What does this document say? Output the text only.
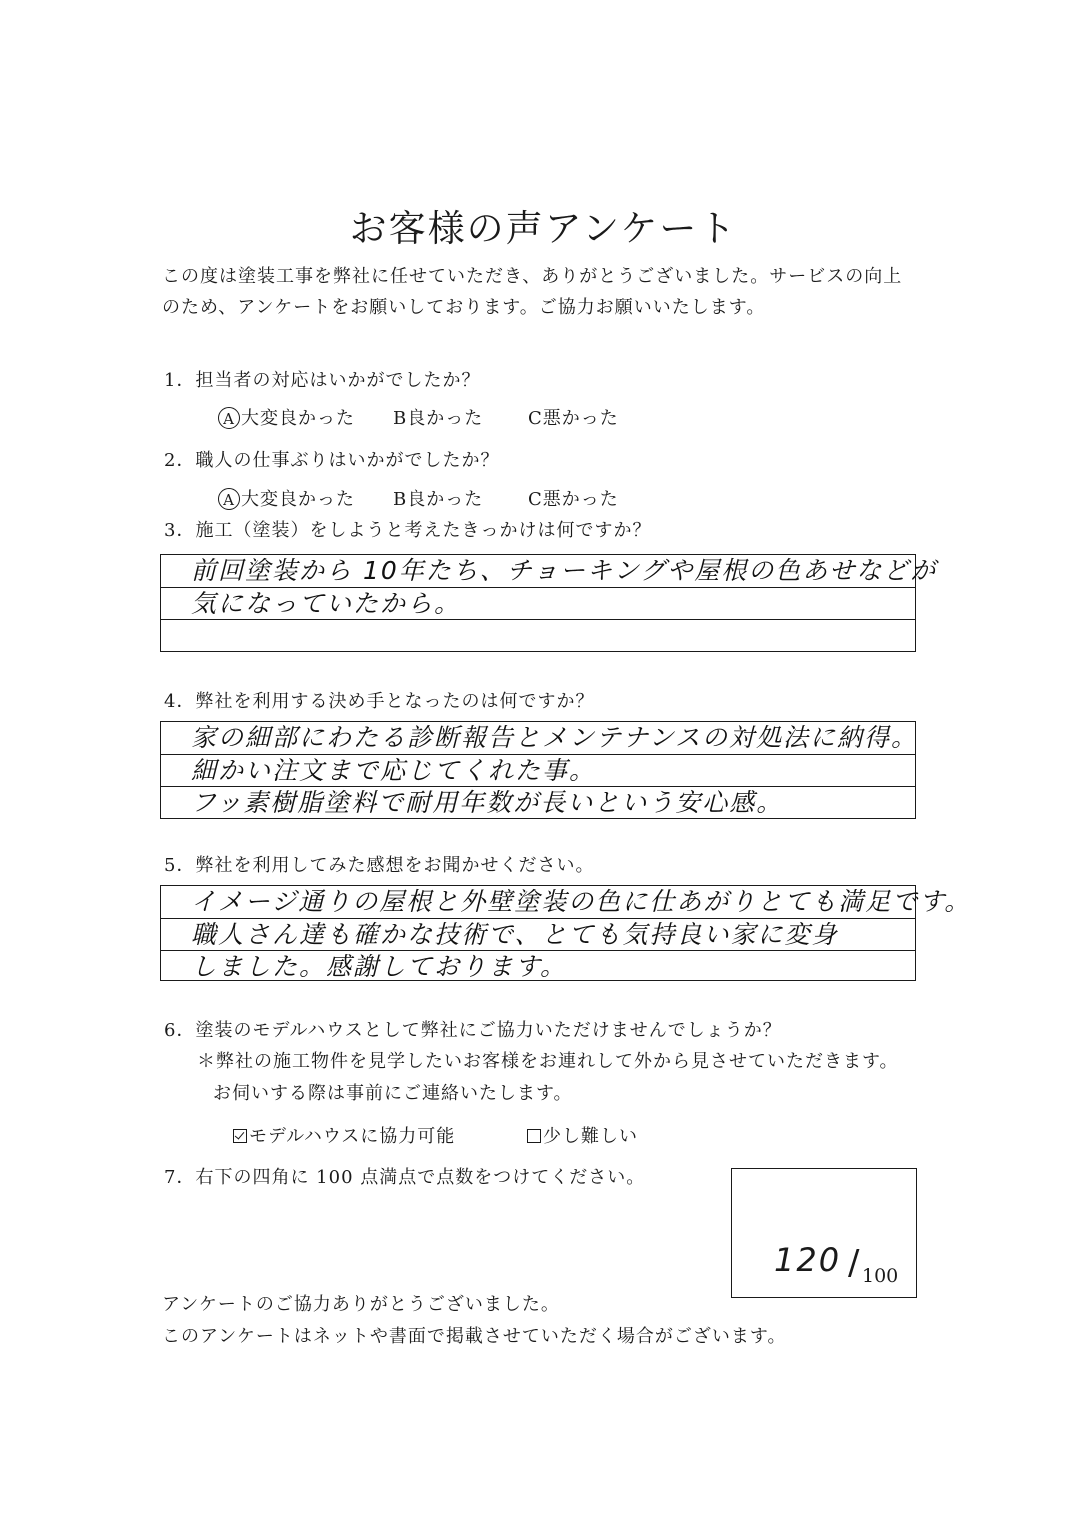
お客様の声アンケート
この度は塗装工事を弊社に任せていただき、ありがとうございました。サービスの向上
のため、アンケートをお願いしております。ご協力お願いいたします。
1．担当者の対応はいかがでしたか？
A 大変良かった B良かった C悪かった
2．職人の仕事ぶりはいかがでしたか？
A 大変良かった B良かった C悪かった
3．施工（塗装）をしようと考えたきっかけは何ですか？
前回塗装から 10年たち、チョーキングや屋根の色あせなどが
気になっていたから。
4．弊社を利用する決め手となったのは何ですか？
家の細部にわたる診断報告とメンテナンスの対処法に納得。
細かい注文まで応じてくれた事。
フッ素樹脂塗料で耐用年数が長いという安心感。
5．弊社を利用してみた感想をお聞かせください。
イメージ通りの屋根と外壁塗装の色に仕あがりとても満足です。
職人さん達も確かな技術で、とても気持良い家に変身
しました。感謝しております。
6．塗装のモデルハウスとして弊社にご協力いただけませんでしょうか？
＊弊社の施工物件を見学したいお客様をお連れして外から見させていただきます。
お伺いする際は事前にご連絡いたします。
モデルハウスに協力可能	少し難しい
7．右下の四角に 100 点満点で点数をつけてください。
120 / 100
アンケートのご協力ありがとうございました。
このアンケートはネットや書面で掲載させていただく場合がございます。
